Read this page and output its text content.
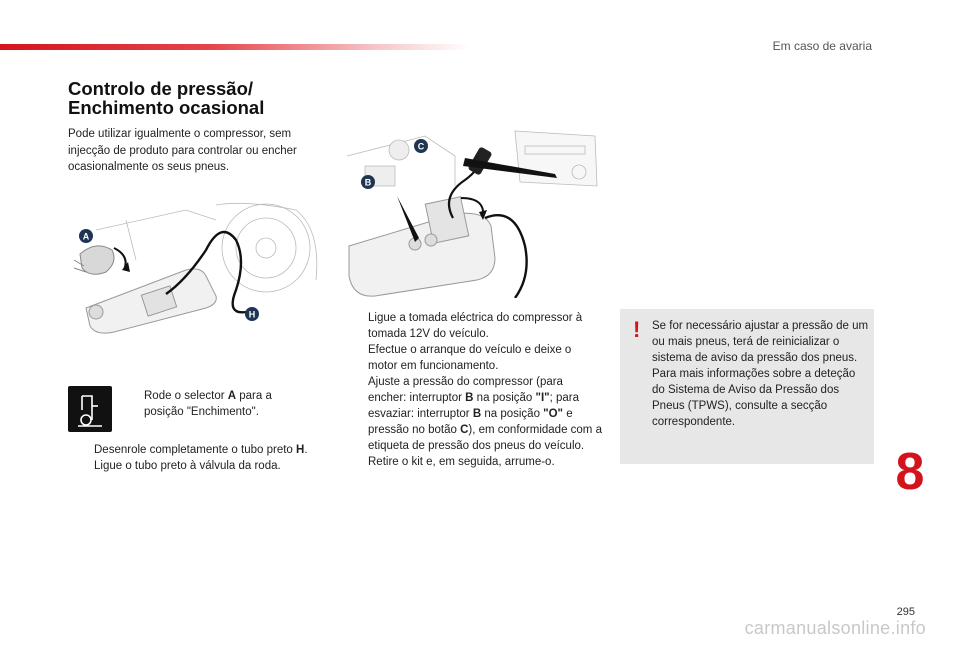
Em caso de avaria
Controlo de pressão/
Enchimento ocasional
Pode utilizar igualmente o compressor, sem injecção de produto para controlar ou encher ocasionalmente os seus pneus.
A
H
C
B
Rode o selector A para a posição "Enchimento".
Desenrole completamente o tubo preto H.
Ligue o tubo preto à válvula da roda.
Ligue a tomada eléctrica do compressor à tomada 12V do veículo.
Efectue o arranque do veículo e deixe o motor em funcionamento.
Ajuste a pressão do compressor (para encher: interruptor B na posição "I"; para esvaziar: interruptor B na posição "O" e pressão no botão C), em conformidade com a etiqueta de pressão dos pneus do veículo.
Retire o kit e, em seguida, arrume-o.
! Se for necessário ajustar a pressão de um ou mais pneus, terá de reinicializar o sistema de aviso da pressão dos pneus.
Para mais informações sobre a deteção do Sistema de Aviso da Pressão dos Pneus (TPWS), consulte a secção correspondente.
8
295
carmanualsonline.info
